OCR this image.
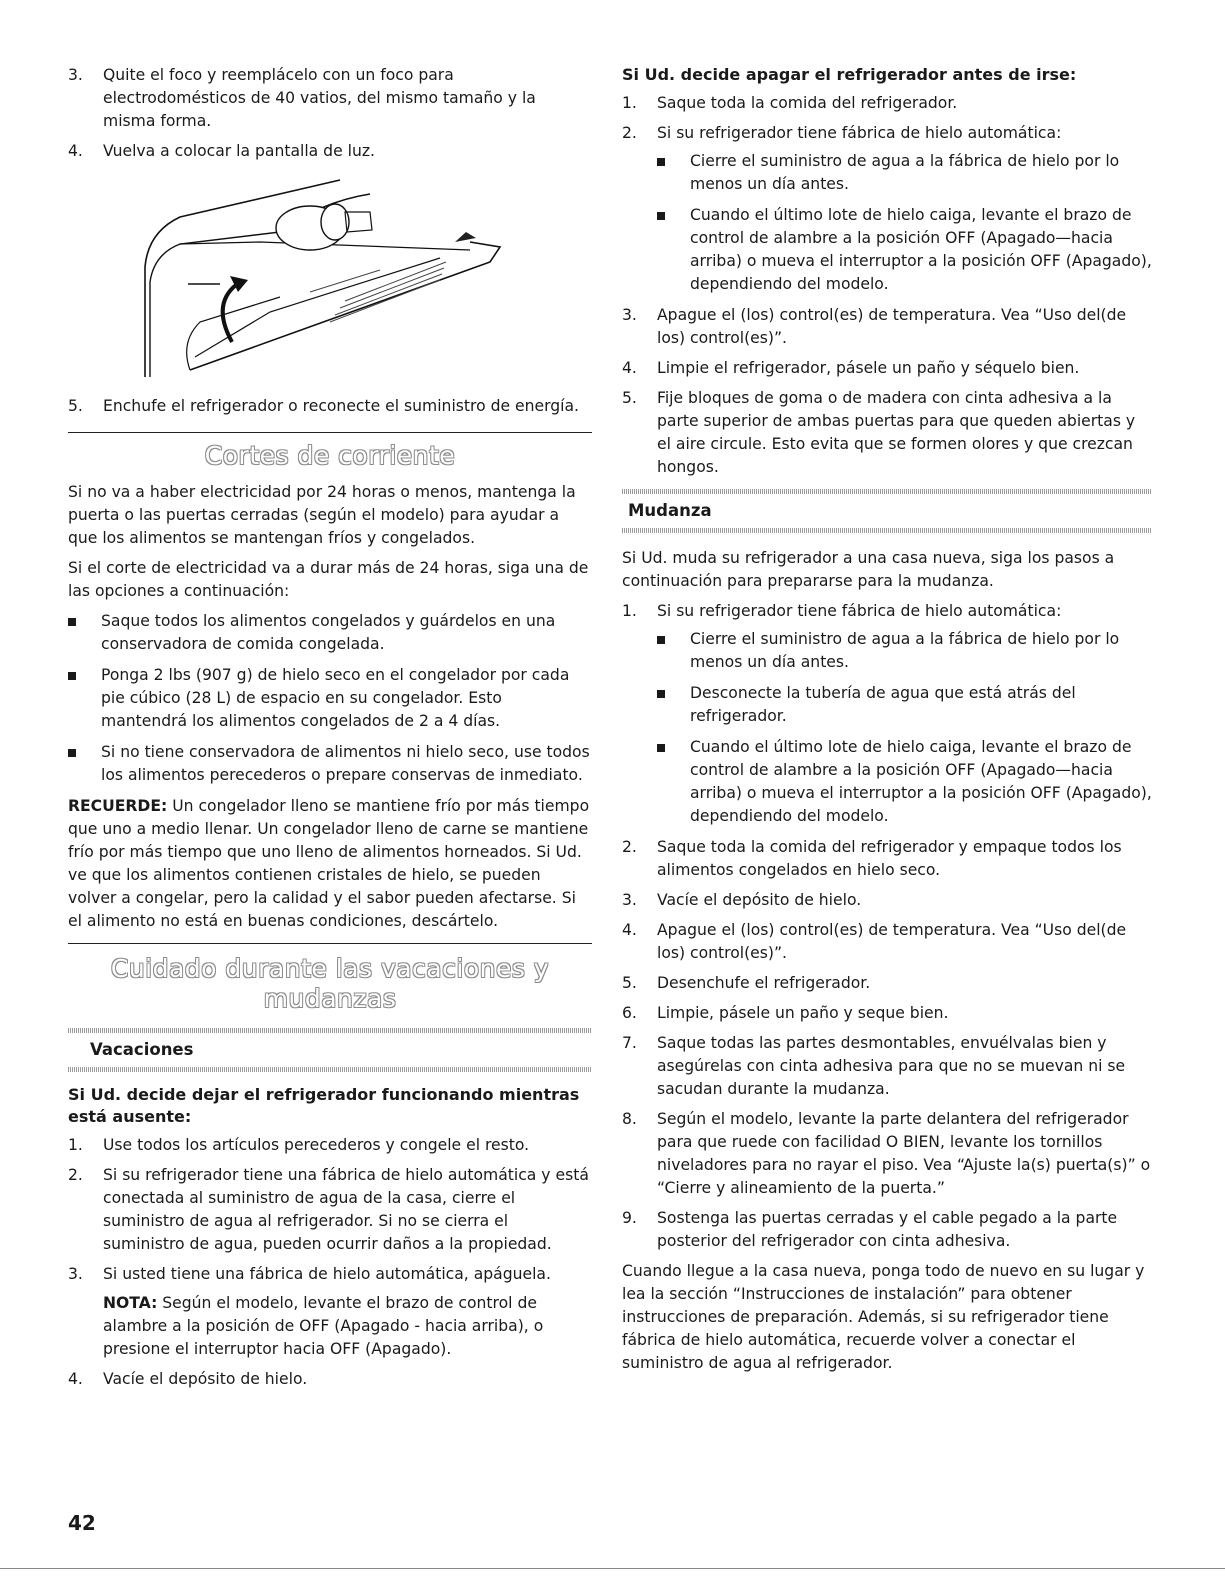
3. Quite el foco y reemplácelo con un foco para electrodomésticos de 40 vatios, del mismo tamaño y la misma forma.
4. Vuelva a colocar la pantalla de luz.
5. Enchufe el refrigerador o reconecte el suministro de energía.
Cortes de corriente

Si no va a haber electricidad por 24 horas o menos, mantenga la puerta o las puertas cerradas (según el modelo) para ayudar a que los alimentos se mantengan fríos y congelados.

Si el corte de electricidad va a durar más de 24 horas, siga una de las opciones a continuación:

Saque todos los alimentos congelados y guárdelos en una conservadora de comida congelada.
Ponga 2 lbs (907 g) de hielo seco en el congelador por cada pie cúbico (28 L) de espacio en su congelador. Esto mantendrá los alimentos congelados de 2 a 4 días.
Si no tiene conservadora de alimentos ni hielo seco, use todos los alimentos perecederos o prepare conservas de inmediato.

RECUERDE: Un congelador lleno se mantiene frío por más tiempo que uno a medio llenar. Un congelador lleno de carne se mantiene frío por más tiempo que uno lleno de alimentos horneados. Si Ud. ve que los alimentos contienen cristales de hielo, se pueden volver a congelar, pero la calidad y el sabor pueden afectarse. Si el alimento no está en buenas condiciones, descártelo.

Cuidado durante las vacaciones y
mudanzas
Vacaciones
Si Ud. decide dejar el refrigerador funcionando mientras está ausente:
1. Use todos los artículos perecederos y congele el resto.
2. Si su refrigerador tiene una fábrica de hielo automática y está conectada al suministro de agua de la casa, cierre el suministro de agua al refrigerador. Si no se cierra el suministro de agua, pueden ocurrir daños a la propiedad.
3. Si usted tiene una fábrica de hielo automática, apáguela.
NOTA: Según el modelo, levante el brazo de control de alambre a la posición de OFF (Apagado - hacia arriba), o presione el interruptor hacia OFF (Apagado).
4. Vacíe el depósito de hielo.
Si Ud. decide apagar el refrigerador antes de irse:
1. Saque toda la comida del refrigerador.
2. Si su refrigerador tiene fábrica de hielo automática:
Cierre el suministro de agua a la fábrica de hielo por lo menos un día antes.
Cuando el último lote de hielo caiga, levante el brazo de control de alambre a la posición OFF (Apagado—hacia arriba) o mueva el interruptor a la posición OFF (Apagado), dependiendo del modelo.
3. Apague el (los) control(es) de temperatura. Vea “Uso del(de los) control(es)”.
4. Limpie el refrigerador, pásele un paño y séquelo bien.
5. Fije bloques de goma o de madera con cinta adhesiva a la parte superior de ambas puertas para que queden abiertas y el aire circule. Esto evita que se formen olores y que crezcan hongos.
Mudanza

Si Ud. muda su refrigerador a una casa nueva, siga los pasos a continuación para prepararse para la mudanza.

1. Si su refrigerador tiene fábrica de hielo automática:
Cierre el suministro de agua a la fábrica de hielo por lo menos un día antes.
Desconecte la tubería de agua que está atrás del refrigerador.
Cuando el último lote de hielo caiga, levante el brazo de control de alambre a la posición OFF (Apagado—hacia arriba) o mueva el interruptor a la posición OFF (Apagado), dependiendo del modelo.
2. Saque toda la comida del refrigerador y empaque todos los alimentos congelados en hielo seco.
3. Vacíe el depósito de hielo.
4. Apague el (los) control(es) de temperatura. Vea “Uso del(de los) control(es)”.
5. Desenchufe el refrigerador.
6. Limpie, pásele un paño y seque bien.
7. Saque todas las partes desmontables, envuélvalas bien y asegúrelas con cinta adhesiva para que no se muevan ni se sacudan durante la mudanza.
8. Según el modelo, levante la parte delantera del refrigerador para que ruede con facilidad O BIEN, levante los tornillos niveladores para no rayar el piso. Vea “Ajuste la(s) puerta(s)” o “Cierre y alineamiento de la puerta.”
9. Sostenga las puertas cerradas y el cable pegado a la parte posterior del refrigerador con cinta adhesiva.

Cuando llegue a la casa nueva, ponga todo de nuevo en su lugar y lea la sección “Instrucciones de instalación” para obtener instrucciones de preparación. Además, si su refrigerador tiene fábrica de hielo automática, recuerde volver a conectar el suministro de agua al refrigerador.

42
